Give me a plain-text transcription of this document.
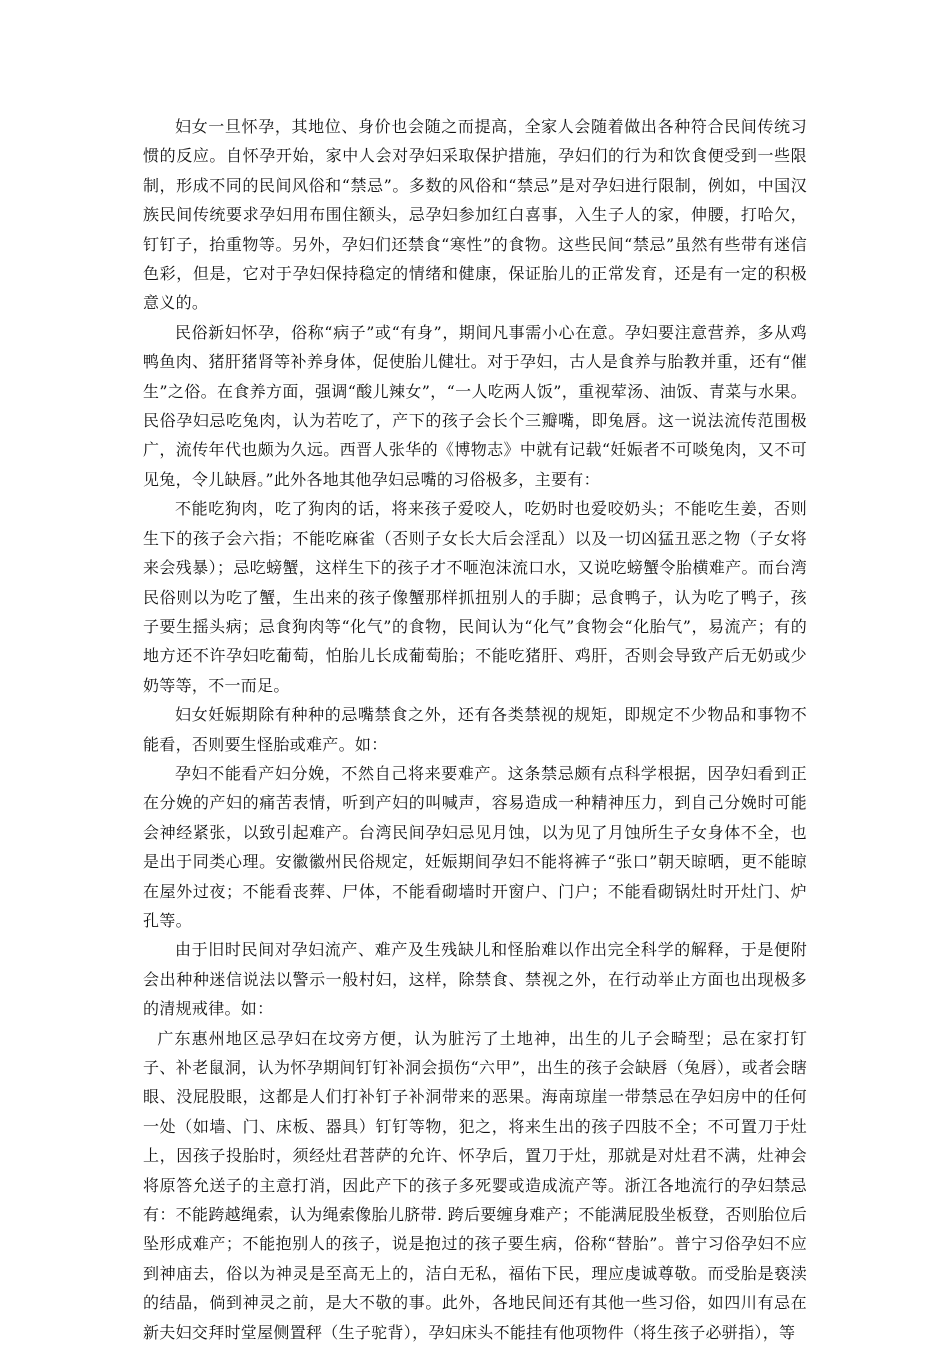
妇女一旦怀孕，其地位、身价也会随之而提高，全家人会随着做出各种符合民间传统习惯的反应。自怀孕开始，家中人会对孕妇采取保护措施，孕妇们的行为和饮食便受到一些限制，形成不同的民间风俗和“禁忌”。多数的风俗和“禁忌”是对孕妇进行限制，例如，中国汉族民间传统要求孕妇用布围住额头，忌孕妇参加红白喜事，入生子人的家，伸腰，打哈欠，钉钉子，抬重物等。另外，孕妇们还禁食“寒性”的食物。这些民间“禁忌”虽然有些带有迷信色彩，但是，它对于孕妇保持稳定的情绪和健康，保证胎儿的正常发育，还是有一定的积极意义的。

民俗新妇怀孕，俗称“病子”或“有身”，期间凡事需小心在意。孕妇要注意营养，多从鸡鸭鱼肉、猪肝猪肾等补养身体，促使胎儿健壮。对于孕妇，古人是食养与胎教并重，还有“催生”之俗。在食养方面，强调“酸儿辣女”，“一人吃两人饭”，重视荤汤、油饭、青菜与水果。民俗孕妇忌吃兔肉，认为若吃了，产下的孩子会长个三瓣嘴，即兔唇。这一说法流传范围极广，流传年代也颇为久远。西晋人张华的《博物志》中就有记载“妊娠者不可啖兔肉，又不可见兔，令儿缺唇。”此外各地其他孕妇忌嘴的习俗极多，主要有：

不能吃狗肉，吃了狗肉的话，将来孩子爱咬人，吃奶时也爱咬奶头；不能吃生姜，否则生下的孩子会六指；不能吃麻雀（否则子女长大后会淫乱）以及一切凶猛丑恶之物（子女将来会残暴）；忌吃螃蟹，这样生下的孩子才不咂泡沫流口水，又说吃螃蟹令胎横难产。而台湾民俗则以为吃了蟹，生出来的孩子像蟹那样抓扭别人的手脚；忌食鸭子，认为吃了鸭子，孩子要生摇头病；忌食狗肉等“化气”的食物，民间认为“化气”食物会“化胎气”，易流产；有的地方还不许孕妇吃葡萄，怕胎儿长成葡萄胎；不能吃猪肝、鸡肝，否则会导致产后无奶或少奶等等，不一而足。

妇女妊娠期除有种种的忌嘴禁食之外，还有各类禁视的规矩，即规定不少物品和事物不能看，否则要生怪胎或难产。如：

孕妇不能看产妇分娩，不然自己将来要难产。这条禁忌颇有点科学根据，因孕妇看到正在分娩的产妇的痛苦表情，听到产妇的叫喊声，容易造成一种精神压力，到自己分娩时可能会神经紧张，以致引起难产。台湾民间孕妇忌见月蚀，以为见了月蚀所生子女身体不全，也是出于同类心理。安徽徽州民俗规定，妊娠期间孕妇不能将裤子“张口”朝天晾晒，更不能晾在屋外过夜；不能看丧葬、尸体，不能看砌墙时开窗户、门户；不能看砌锅灶时开灶门、炉孔等。

由于旧时民间对孕妇流产、难产及生残缺儿和怪胎难以作出完全科学的解释，于是便附会出种种迷信说法以警示一般村妇，这样，除禁食、禁视之外，在行动举止方面也出现极多的清规戒律。如：

广东惠州地区忌孕妇在坟旁方便，认为脏污了土地神，出生的儿子会畸型；忌在家打钉子、补老鼠洞，认为怀孕期间钉钉补洞会损伤“六甲”，出生的孩子会缺唇（兔唇），或者会瞎眼、没屁股眼，这都是人们打补钉子补洞带来的恶果。海南琼崖一带禁忌在孕妇房中的任何一处（如墙、门、床板、器具）钉钉等物，犯之，将来生出的孩子四肢不全；不可置刀于灶上，因孩子投胎时，须经灶君菩萨的允许、怀孕后，置刀于灶，那就是对灶君不满，灶神会将原答允送子的主意打消，因此产下的孩子多死婴或造成流产等。浙江各地流行的孕妇禁忌有：不能跨越绳索，认为绳索像胎儿脐带. 跨后要缠身难产；不能满屁股坐板登，否则胎位后坠形成难产；不能抱别人的孩子，说是抱过的孩子要生病，俗称“替胎”。普宁习俗孕妇不应到神庙去，俗以为神灵是至高无上的，洁白无私，福佑下民，理应虔诚尊敬。而受胎是亵渎的结晶，倘到神灵之前，是大不敬的事。此外，各地民间还有其他一些习俗，如四川有忌在新夫妇交拜时堂屋侧置秤（生子驼背），孕妇床头不能挂有他项物件（将生孩子必骈指），等
